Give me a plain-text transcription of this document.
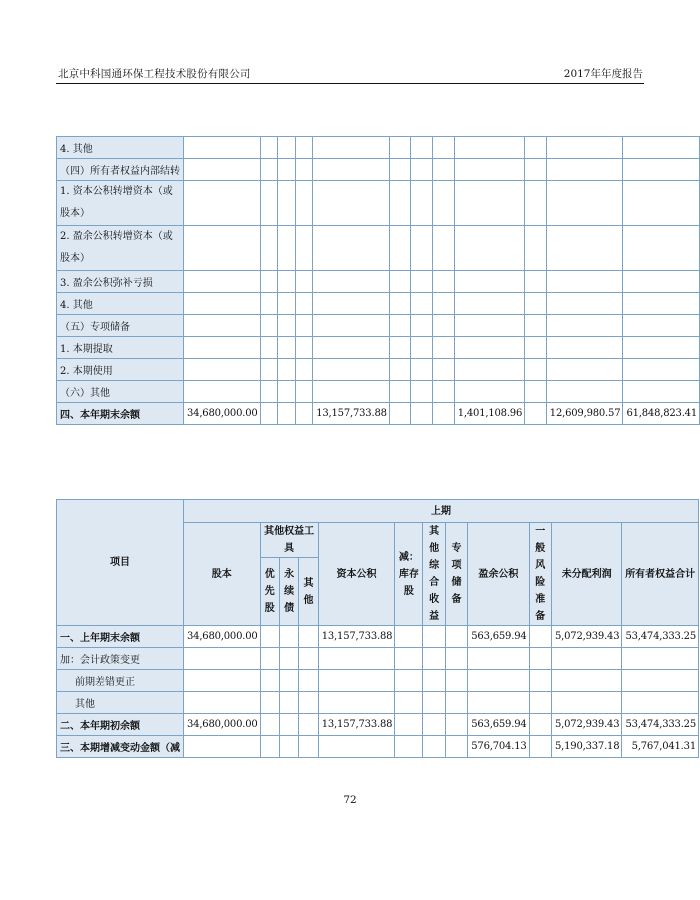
北京中科国通环保工程技术股份有限公司	2017年年度报告
4. 其他												
（四）所有者权益内部结转												
1. 资本公积转增资本（或股本）												
2. 盈余公积转增资本（或股本）												
3. 盈余公积弥补亏损												
4. 其他												
（五）专项储备												
1. 本期提取												
2. 本期使用												
（六）其他												
四、本年期末余额	34,680,000.00				13,157,733.88				1,401,108.96		12,609,980.57	61,848,823.41
项目	上期												
	股本	其他权益工具			资本公积	减：库存股	其他综合收益	专项储备	盈余公积	一般风险准备	未分配利润	所有者权益合计	
		优先股	永续债	其他									

一、上年期末余额	34,680,000.00				13,157,733.88				563,659.94		5,072,939.43	53,474,333.25	
加：会计政策变更													
前期差错更正													
其他													
二、本年期初余额	34,680,000.00				13,157,733.88				563,659.94		5,072,939.43	53,474,333.25	
三、本期增减变动金额（减									576,704.13		5,190,337.18	5,767,041.31	
72
